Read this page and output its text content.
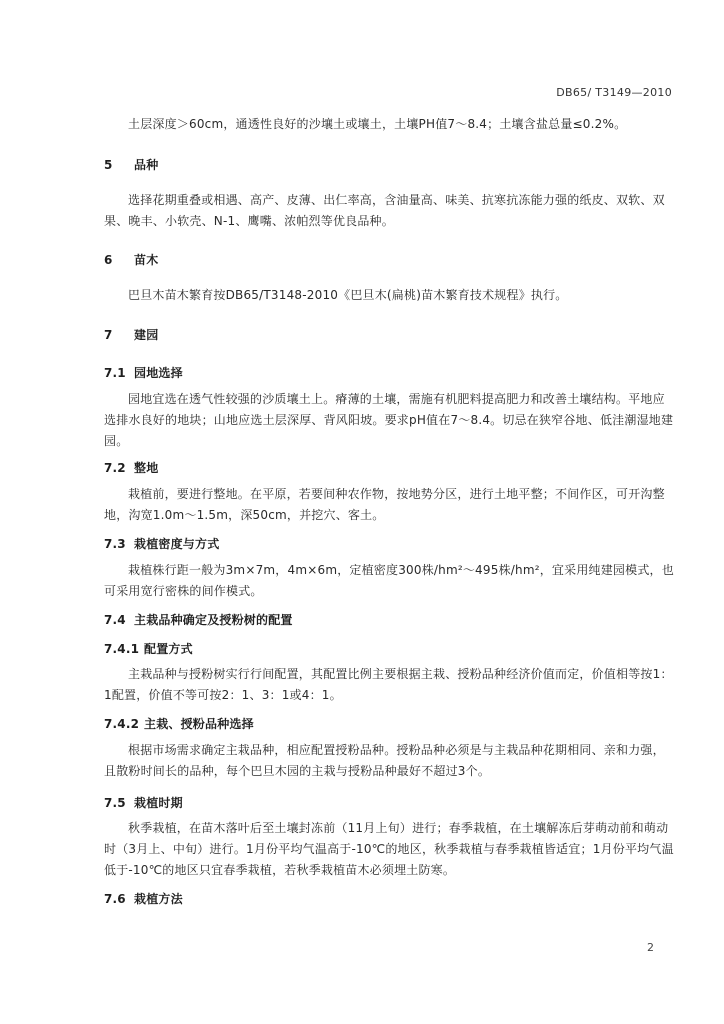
DB65/ T3149—2010

土层深度＞60cm，通透性良好的沙壤土或壤土，土壤PH值7～8.4；土壤含盐总量≤0.2%。

5 品种

选择花期重叠或相遇、高产、皮薄、出仁率高，含油量高、味美、抗寒抗冻能力强的纸皮、双软、双果、晚丰、小软壳、N-1、鹰嘴、浓帕烈等优良品种。

6 苗木

巴旦木苗木繁育按DB65/T3148-2010《巴旦木(扁桃)苗木繁育技术规程》执行。

7 建园
7.1 园地选择

园地宜选在透气性较强的沙质壤土上。瘠薄的土壤，需施有机肥料提高肥力和改善土壤结构。平地应选排水良好的地块；山地应选土层深厚、背风阳坡。要求pH值在7～8.4。切忌在狭窄谷地、低洼潮湿地建园。

7.2 整地

栽植前，要进行整地。在平原，若要间种农作物，按地势分区，进行土地平整；不间作区，可开沟整地，沟宽1.0m～1.5m，深50cm，并挖穴、客土。

7.3 栽植密度与方式

栽植株行距一般为3m×7m，4m×6m，定植密度300株/hm²～495株/hm²，宜采用纯建园模式，也可采用宽行密株的间作模式。

7.4 主栽品种确定及授粉树的配置
7.4.1 配置方式

主栽品种与授粉树实行行间配置，其配置比例主要根据主栽、授粉品种经济价值而定，价值相等按1：1配置，价值不等可按2：1、3：1或4：1。

7.4.2 主栽、授粉品种选择

根据市场需求确定主栽品种，相应配置授粉品种。授粉品种必须是与主栽品种花期相同、亲和力强，且散粉时间长的品种，每个巴旦木园的主栽与授粉品种最好不超过3个。

7.5 栽植时期

秋季栽植，在苗木落叶后至土壤封冻前（11月上旬）进行；春季栽植，在土壤解冻后芽萌动前和萌动时（3月上、中旬）进行。1月份平均气温高于-10℃的地区，秋季栽植与春季栽植皆适宜；1月份平均气温低于-10℃的地区只宜春季栽植，若秋季栽植苗木必须埋土防寒。

7.6 栽植方法
2
